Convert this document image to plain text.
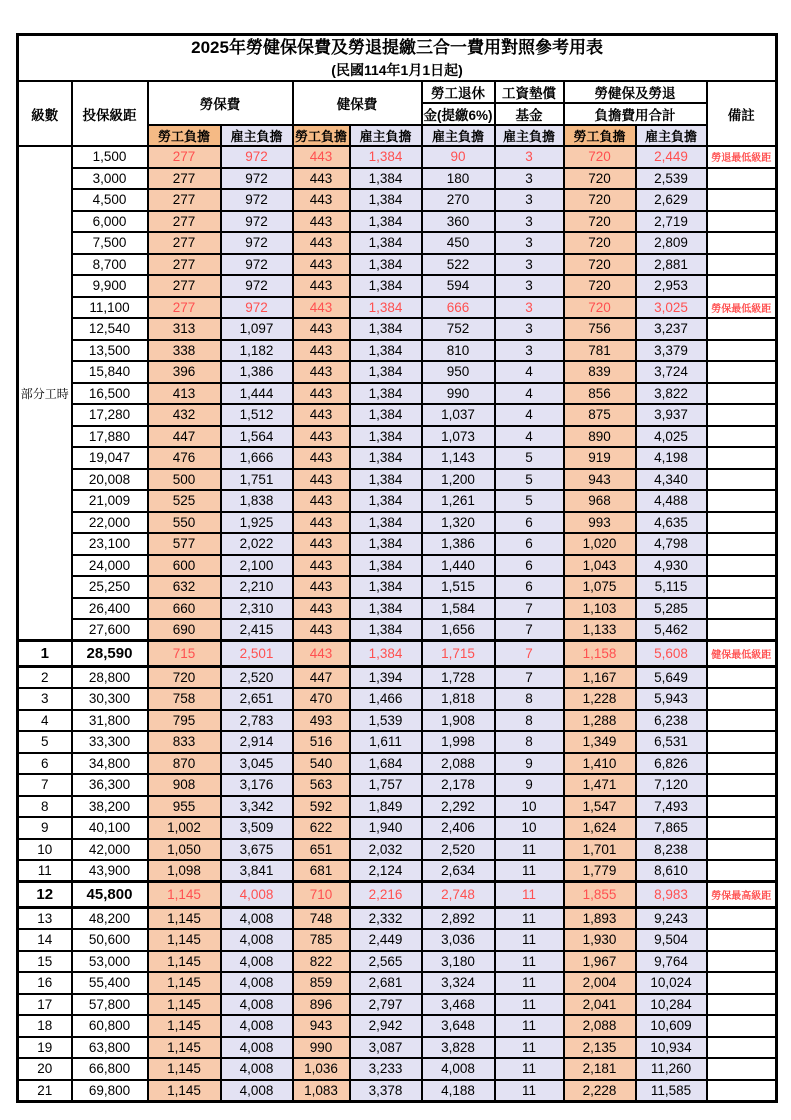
2025年勞健保保費及勞退提繳三合一費用對照參考用表
(民國114年1月1日起)										

級數	投保級距	勞保費		健保費		勞工退休	工資墊償	勞健保及勞退		備註
						金(提繳6%)	基金	負擔費用合計		
		勞工負擔	雇主負擔	勞工負擔	雇主負擔	雇主負擔	雇主負擔	勞工負擔	雇主負擔	
部分工時	1,500	277	972	443	1,384	90	3	720	2,449	勞退最低級距
	3,000	277	972	443	1,384	180	3	720	2,539	
	4,500	277	972	443	1,384	270	3	720	2,629	
	6,000	277	972	443	1,384	360	3	720	2,719	
	7,500	277	972	443	1,384	450	3	720	2,809	
	8,700	277	972	443	1,384	522	3	720	2,881	
	9,900	277	972	443	1,384	594	3	720	2,953	
	11,100	277	972	443	1,384	666	3	720	3,025	勞保最低級距
	12,540	313	1,097	443	1,384	752	3	756	3,237	
	13,500	338	1,182	443	1,384	810	3	781	3,379	
	15,840	396	1,386	443	1,384	950	4	839	3,724	
	16,500	413	1,444	443	1,384	990	4	856	3,822	
	17,280	432	1,512	443	1,384	1,037	4	875	3,937	
	17,880	447	1,564	443	1,384	1,073	4	890	4,025	
	19,047	476	1,666	443	1,384	1,143	5	919	4,198	
	20,008	500	1,751	443	1,384	1,200	5	943	4,340	
	21,009	525	1,838	443	1,384	1,261	5	968	4,488	
	22,000	550	1,925	443	1,384	1,320	6	993	4,635	
	23,100	577	2,022	443	1,384	1,386	6	1,020	4,798	
	24,000	600	2,100	443	1,384	1,440	6	1,043	4,930	
	25,250	632	2,210	443	1,384	1,515	6	1,075	5,115	
	26,400	660	2,310	443	1,384	1,584	7	1,103	5,285	
	27,600	690	2,415	443	1,384	1,656	7	1,133	5,462	
1	28,590	715	2,501	443	1,384	1,715	7	1,158	5,608	健保最低級距
2	28,800	720	2,520	447	1,394	1,728	7	1,167	5,649	
3	30,300	758	2,651	470	1,466	1,818	8	1,228	5,943	
4	31,800	795	2,783	493	1,539	1,908	8	1,288	6,238	
5	33,300	833	2,914	516	1,611	1,998	8	1,349	6,531	
6	34,800	870	3,045	540	1,684	2,088	9	1,410	6,826	
7	36,300	908	3,176	563	1,757	2,178	9	1,471	7,120	
8	38,200	955	3,342	592	1,849	2,292	10	1,547	7,493	
9	40,100	1,002	3,509	622	1,940	2,406	10	1,624	7,865	
10	42,000	1,050	3,675	651	2,032	2,520	11	1,701	8,238	
11	43,900	1,098	3,841	681	2,124	2,634	11	1,779	8,610	
12	45,800	1,145	4,008	710	2,216	2,748	11	1,855	8,983	勞保最高級距
13	48,200	1,145	4,008	748	2,332	2,892	11	1,893	9,243	
14	50,600	1,145	4,008	785	2,449	3,036	11	1,930	9,504	
15	53,000	1,145	4,008	822	2,565	3,180	11	1,967	9,764	
16	55,400	1,145	4,008	859	2,681	3,324	11	2,004	10,024	
17	57,800	1,145	4,008	896	2,797	3,468	11	2,041	10,284	
18	60,800	1,145	4,008	943	2,942	3,648	11	2,088	10,609	
19	63,800	1,145	4,008	990	3,087	3,828	11	2,135	10,934	
20	66,800	1,145	4,008	1,036	3,233	4,008	11	2,181	11,260	
21	69,800	1,145	4,008	1,083	3,378	4,188	11	2,228	11,585	
